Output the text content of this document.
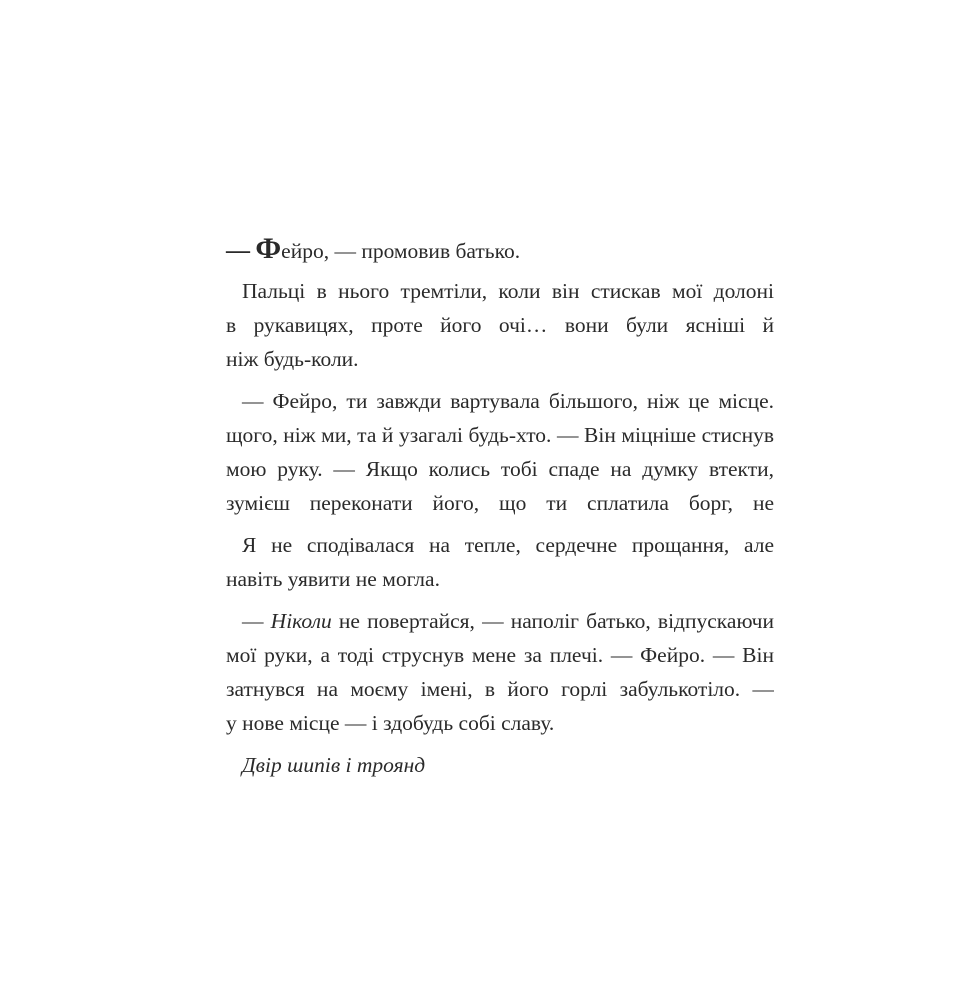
— Фейро, — промовив батько.
Пальці в нього тремтіли, коли він стискав мої долоні
в рукавицях, проте його очі… вони були ясніші й
ніж будь-коли.
— Фейро, ти завжди вартувала більшого, ніж це місце.
щого, ніж ми, та й узагалі будь-хто. — Він міцніше стиснув
мою руку. — Якщо колись тобі спаде на думку втекти,
зумієш переконати його, що ти сплатила борг, не
Я не сподівалася на тепле, сердечне прощання, але
навіть уявити не могла.
— Ніколи не повертайся, — наполіг батько, відпускаючи
мої руки, а тоді струснув мене за плечі. — Фейро. — Він
затнувся на моєму імені, в його горлі забулькотіло. —
у нове місце — і здобудь собі славу.
Двір шипів і троянд
